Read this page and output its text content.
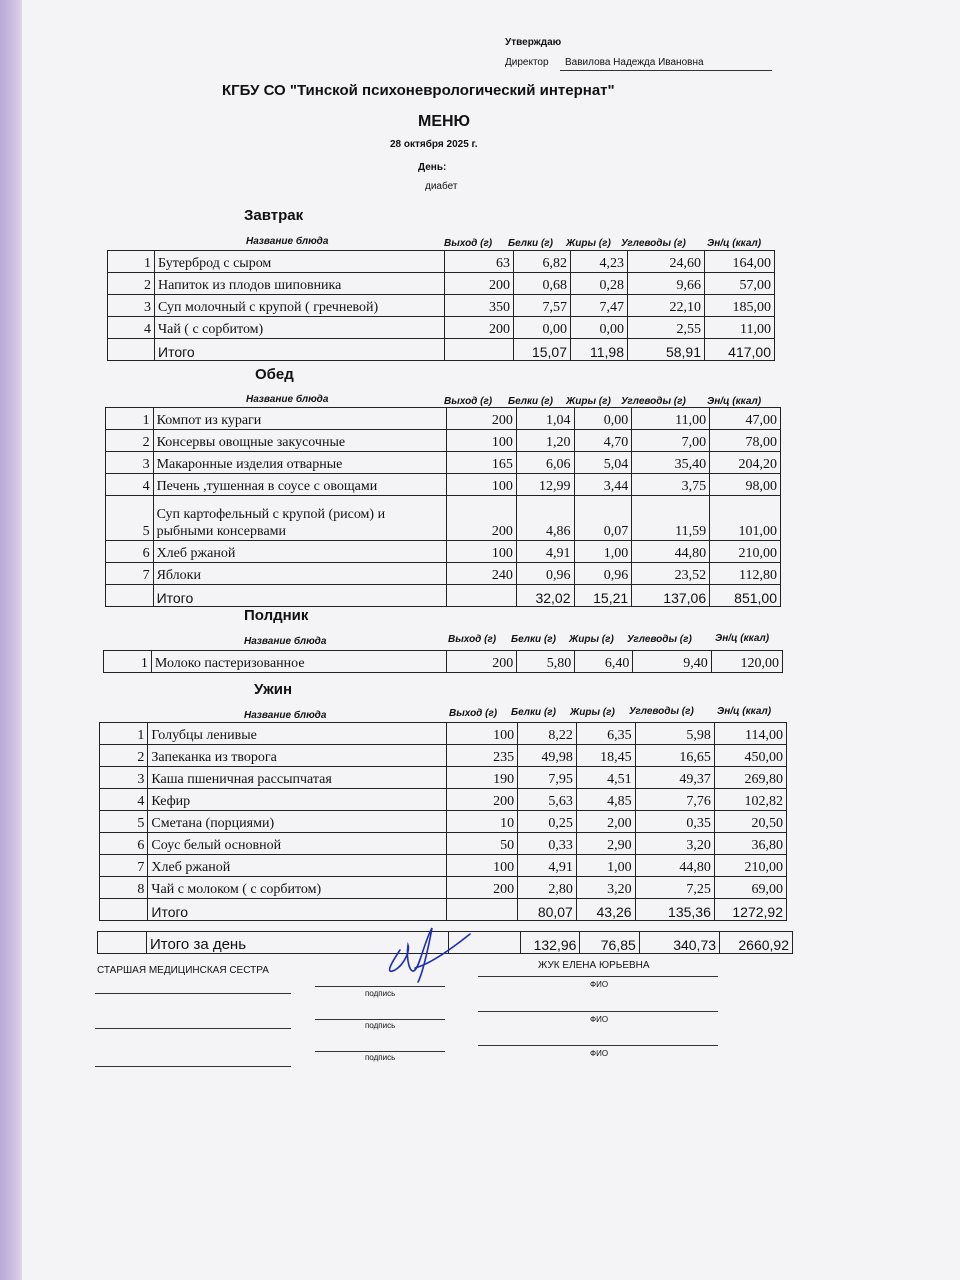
Утверждаю
Директор Вавилова Надежда Ивановна
КГБУ СО "Тинской психоневрологический интернат"
МЕНЮ
28 октября 2025 г.
День:
диабет
Завтрак
Название блюда	Выход (г) Белки (г) Жиры (г) Углеводы (г) Эн/ц (ккал)
1	Бутерброд с сыром	63	6,82	4,23	24,60	164,00
2	Напиток из плодов шиповника	200	0,68	0,28	9,66	57,00
3	Суп молочный с крупой ( гречневой)	350	7,57	7,47	22,10	185,00
4	Чай ( с сорбитом)	200	0,00	0,00	2,55	11,00
	Итого		15,07	11,98	58,91	417,00
Обед
Название блюда	Выход (г) Белки (г) Жиры (г) Углеводы (г) Эн/ц (ккал)
1	Компот из кураги	200	1,04	0,00	11,00	47,00
2	Консервы овощные закусочные	100	1,20	4,70	7,00	78,00
3	Макаронные изделия отварные	165	6,06	5,04	35,40	204,20
4	Печень ,тушенная в соусе с овощами	100	12,99	3,44	3,75	98,00
5	Суп картофельный с крупой (рисом) и рыбными консервами	200	4,86	0,07	11,59	101,00
6	Хлеб ржаной	100	4,91	1,00	44,80	210,00
7	Яблоки	240	0,96	0,96	23,52	112,80
	Итого		32,02	15,21	137,06	851,00
Полдник
Название блюда	Выход (г) Белки (г) Жиры (г) Углеводы (г) Эн/ц (ккал)
1	Молоко пастеризованное	200	5,80	6,40	9,40	120,00
Ужин
Название блюда	Выход (г) Белки (г) Жиры (г) Углеводы (г) Эн/ц (ккал)
1	Голубцы ленивые	100	8,22	6,35	5,98	114,00
2	Запеканка из творога	235	49,98	18,45	16,65	450,00
3	Каша пшеничная рассыпчатая	190	7,95	4,51	49,37	269,80
4	Кефир	200	5,63	4,85	7,76	102,82
5	Сметана (порциями)	10	0,25	2,00	0,35	20,50
6	Соус белый основной	50	0,33	2,90	3,20	36,80
7	Хлеб ржаной	100	4,91	1,00	44,80	210,00
8	Чай с молоком ( с сорбитом)	200	2,80	3,20	7,25	69,00
	Итого		80,07	43,26	135,36	1272,92
	Итого за день		132,96	76,85	340,73	2660,92
СТАРШАЯ МЕДИЦИНСКАЯ СЕСТРА
подпись
ЖУК ЕЛЕНА ЮРЬЕВНА
ФИО
подпись
ФИО
подпись	ФИО
